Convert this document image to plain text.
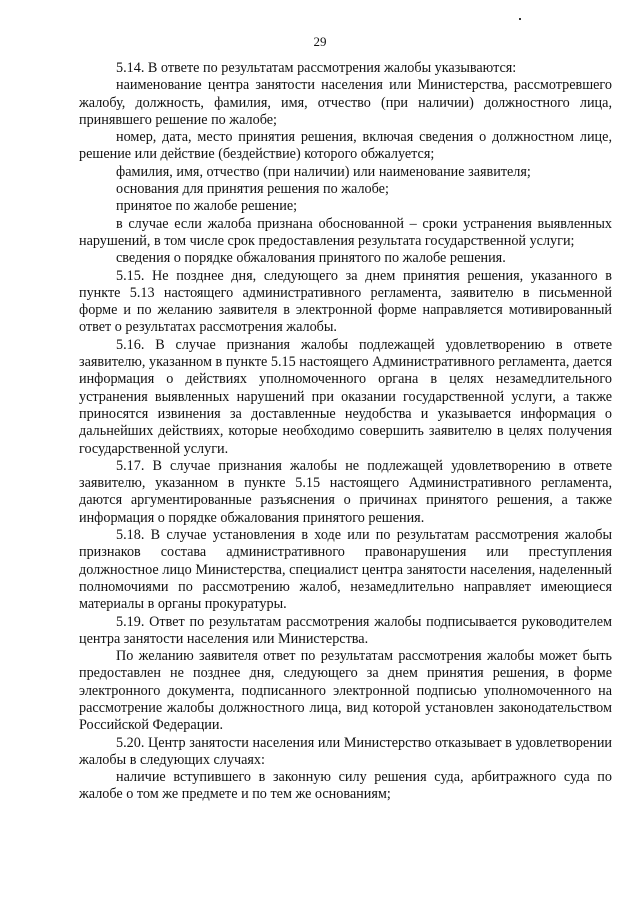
29

5.14. В ответе по результатам рассмотрения жалобы указываются:

наименование центра занятости населения или Министерства, рассмотревшего жалобу, должность, фамилия, имя, отчество (при наличии) должностного лица, принявшего решение по жалобе;

номер, дата, место принятия решения, включая сведения о должностном лице, решение или действие (бездействие) которого обжалуется;

фамилия, имя, отчество (при наличии) или наименование заявителя;

основания для принятия решения по жалобе;

принятое по жалобе решение;

в случае если жалоба признана обоснованной – сроки устранения выявленных нарушений, в том числе срок предоставления результата государственной услуги;

сведения о порядке обжалования принятого по жалобе решения.

5.15. Не позднее дня, следующего за днем принятия решения, указанного в пункте 5.13 настоящего административного регламента, заявителю в письменной форме и по желанию заявителя в электронной форме направляется мотивированный ответ о результатах рассмотрения жалобы.

5.16. В случае признания жалобы подлежащей удовлетворению в ответе заявителю, указанном в пункте 5.15 настоящего Административного регламента, дается информация о действиях уполномоченного органа в целях незамедлительного устранения выявленных нарушений при оказании государственной услуги, а также приносятся извинения за доставленные неудобства и указывается информация о дальнейших действиях, которые необходимо совершить заявителю в целях получения государственной услуги.

5.17. В случае признания жалобы не подлежащей удовлетворению в ответе заявителю, указанном в пункте 5.15 настоящего Административного регламента, даются аргументированные разъяснения о причинах принятого решения, а также информация о порядке обжалования принятого решения.

5.18. В случае установления в ходе или по результатам рассмотрения жалобы признаков состава административного правонарушения или преступления должностное лицо Министерства, специалист центра занятости населения, наделенный полномочиями по рассмотрению жалоб, незамедлительно направляет имеющиеся материалы в органы прокуратуры.

5.19. Ответ по результатам рассмотрения жалобы подписывается руководителем центра занятости населения или Министерства.

По желанию заявителя ответ по результатам рассмотрения жалобы может быть предоставлен не позднее дня, следующего за днем принятия решения, в форме электронного документа, подписанного электронной подписью уполномоченного на рассмотрение жалобы должностного лица, вид которой установлен законодательством Российской Федерации.

5.20. Центр занятости населения или Министерство отказывает в удовлетворении жалобы в следующих случаях:

наличие вступившего в законную силу решения суда, арбитражного суда по жалобе о том же предмете и по тем же основаниям;
